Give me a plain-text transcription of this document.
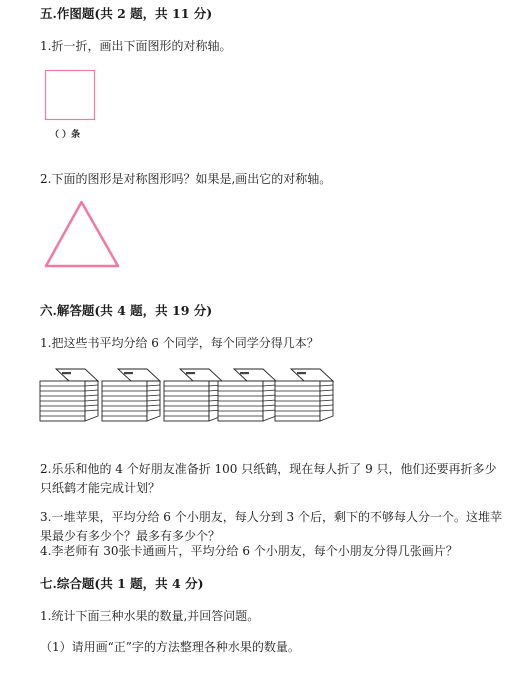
五.作图题(共 2 题，共 11 分)
1.折一折，画出下面图形的对称轴。
（ ）条
2.下面的图形是对称图形吗？如果是,画出它的对称轴。
六.解答题(共 4 题，共 19 分)
1.把这些书平均分给 6 个同学，每个同学分得几本？
2.乐乐和他的 4 个好朋友准备折 100 只纸鹤，现在每人折了 9 只，他们还要再折多少只纸鹤才能完成计划？
3.一堆苹果，平均分给 6 个小朋友，每人分到 3 个后，剩下的不够每人分一个。这堆苹果最少有多少个？最多有多少个？
4.李老师有 30张卡通画片，平均分给 6 个小朋友，每个小朋友分得几张画片？
七.综合题(共 1 题，共 4 分)
1.统计下面三种水果的数量,并回答问题。
（1）请用画“正”字的方法整理各种水果的数量。
